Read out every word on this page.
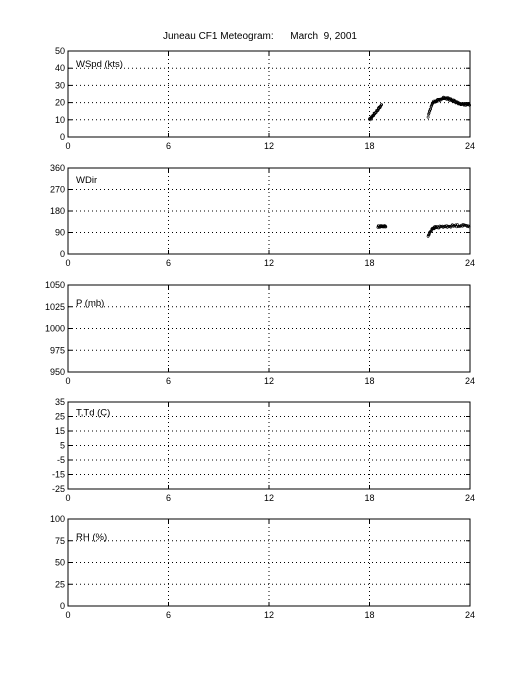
Juneau CF1 Meteogram:      March  9, 2001
0
10
20
30
40
50
0	6	12	18	24
WSpd (kts)
0
90
180
270
360
0	6	12	18	24
WDir
950
975
1000
1025
1050
0	6	12	18	24
P (mb)
-25
-15
-5
5
15
25
35
0	6	12	18	24
T,Td (C)
0
25
50
75
100
0	6	12	18	24
RH (%)
